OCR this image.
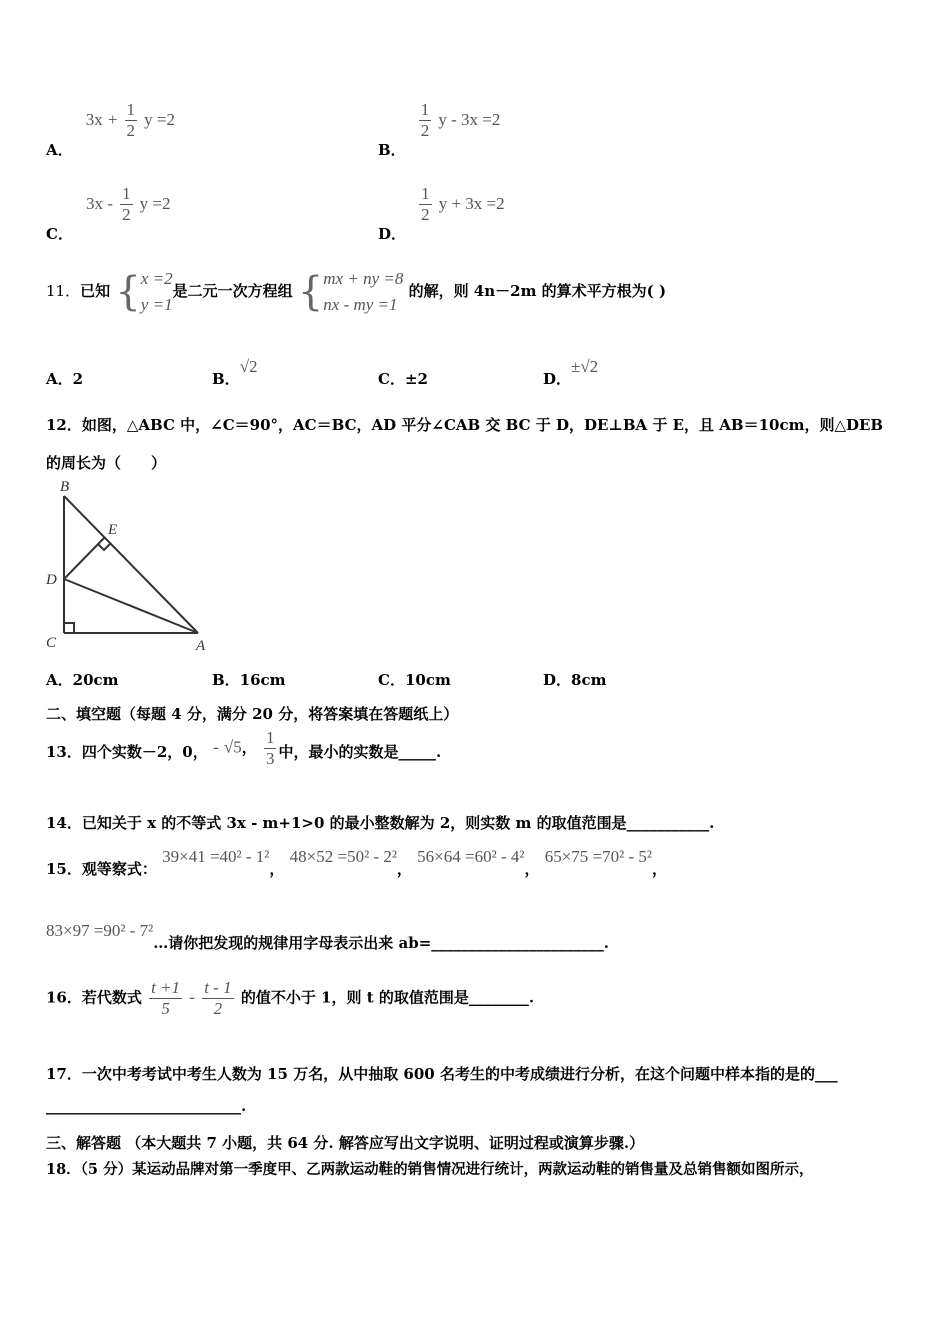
A． $3x + \frac{1}{2}$ y =2
B．
$\frac{1}{2}$ y - 3x =2
C． $3x - \frac{1}{2}$ y =2
D．
$\frac{1}{2}$ y + 3x =2
11．已知 { x =2
y =1
是二元一次方程组 { mx + ny =8
nx - my =1
的解，则 4n－2m 的算术平方根为( )
A．2	B．√2
C．±2	D．±√2
12．如图，△ABC 中，∠C＝90°，AC＝BC，AD 平分∠CAB 交 BC 于 D，DE⊥BA 于 E，且 AB＝10cm，则△DEB
的周长为（　　）
B
E
D
C	A
A．20cm	B．16cm	C．10cm	D．8cm
二、填空题（每题 4 分，满分 20 分，将答案填在答题纸上）
13．四个实数－2，0， - √5， $\frac{1}{3}$ 中，最小的实数是_____.
14．已知关于 x 的不等式 3x - m+1>0 的最小整数解为 2，则实数 m 的取值范围是___________.
15．观等察式： 39×41 =40² - 1²， 48×52 =50² - 2²， 56×64 =60² - 4²， 65×75 =70² - 5²，
83×97 =90² - 7²…请你把发现的规律用字母表示出来 ab=_______________________.
16．若代数式 $\frac{t +1}{5} - \frac{t - 1}{2}$ 的值不小于 1，则 t 的取值范围是________.
17．一次中考考试中考生人数为 15 万名，从中抽取 600 名考生的中考成绩进行分析，在这个问题中样本指的是的___
__________________________.
三、解答题 （本大题共 7 小题，共 64 分. 解答应写出文字说明、证明过程或演算步骤.）
18．（5 分）某运动品牌对第一季度甲、乙两款运动鞋的销售情况进行统计，两款运动鞋的销售量及总销售额如图所示，
